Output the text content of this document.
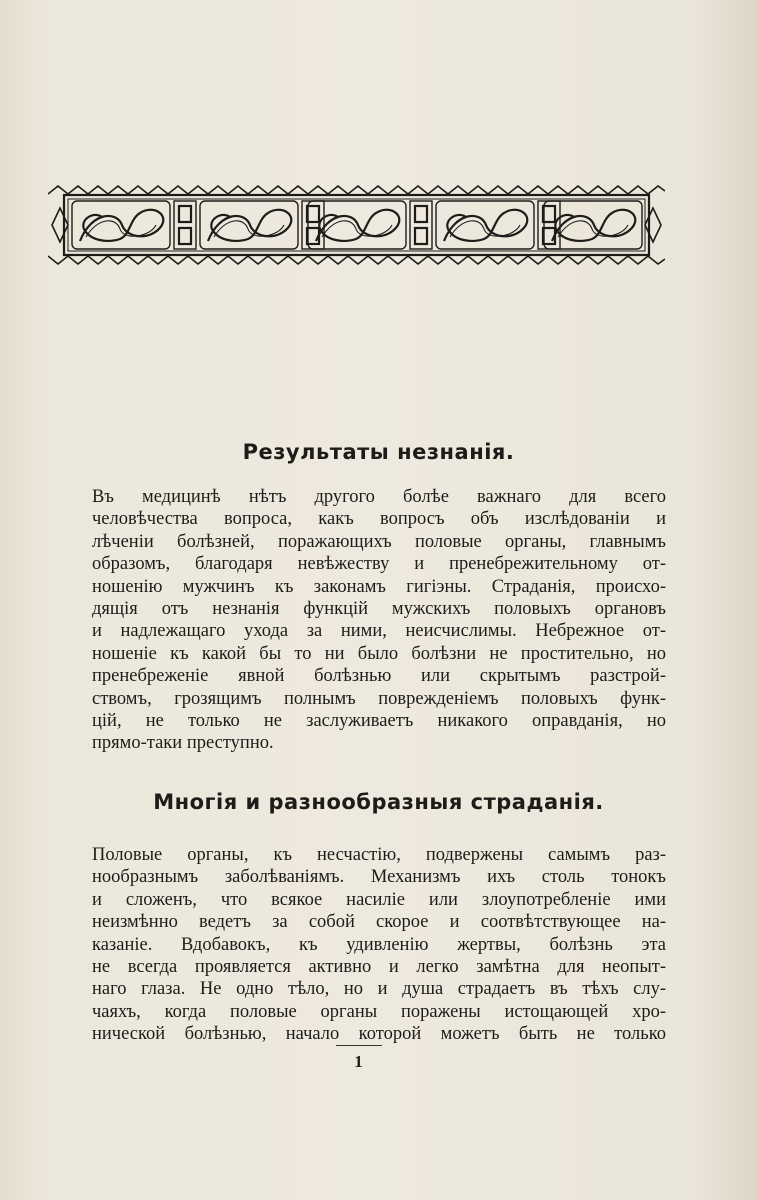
Результаты незнанія.
Въ медицинѣ нѣтъ другого болѣе важнаго для всего
человѣчества вопроса, какъ вопросъ объ изслѣдованіи и
лѣченіи болѣзней, поражающихъ половые органы, главнымъ
образомъ, благодаря невѣжеству и пренебрежительному от-
ношенію мужчинъ къ законамъ гигіэны. Страданія, происхо-
дящія отъ незнанія функцій мужскихъ половыхъ органовъ
и надлежащаго ухода за ними, неисчислимы. Небрежное от-
ношеніе къ какой бы то ни было болѣзни не простительно, но
пренебреженіе явной болѣзнью или скрытымъ разстрой-
ствомъ, грозящимъ полнымъ поврежденіемъ половыхъ функ-
цій, не только не заслуживаетъ никакого оправданія, но
прямо-таки преступно.
Многія и разнообразныя страданія.
Половые органы, къ несчастію, подвержены самымъ раз-
нообразнымъ заболѣваніямъ. Механизмъ ихъ столь тонокъ
и сложенъ, что всякое насиліе или злоупотребленіе ими
неизмѣнно ведетъ за собой скорое и соотвѣтствующее на-
казаніе. Вдобавокъ, къ удивленію жертвы, болѣзнь эта
не всегда проявляется активно и легко замѣтна для неопыт-
наго глаза. Не одно тѣло, но и душа страдаетъ въ тѣхъ слу-
чаяхъ, когда половые органы поражены истощающей хро-
нической болѣзнью, начало которой можетъ быть не только
1
